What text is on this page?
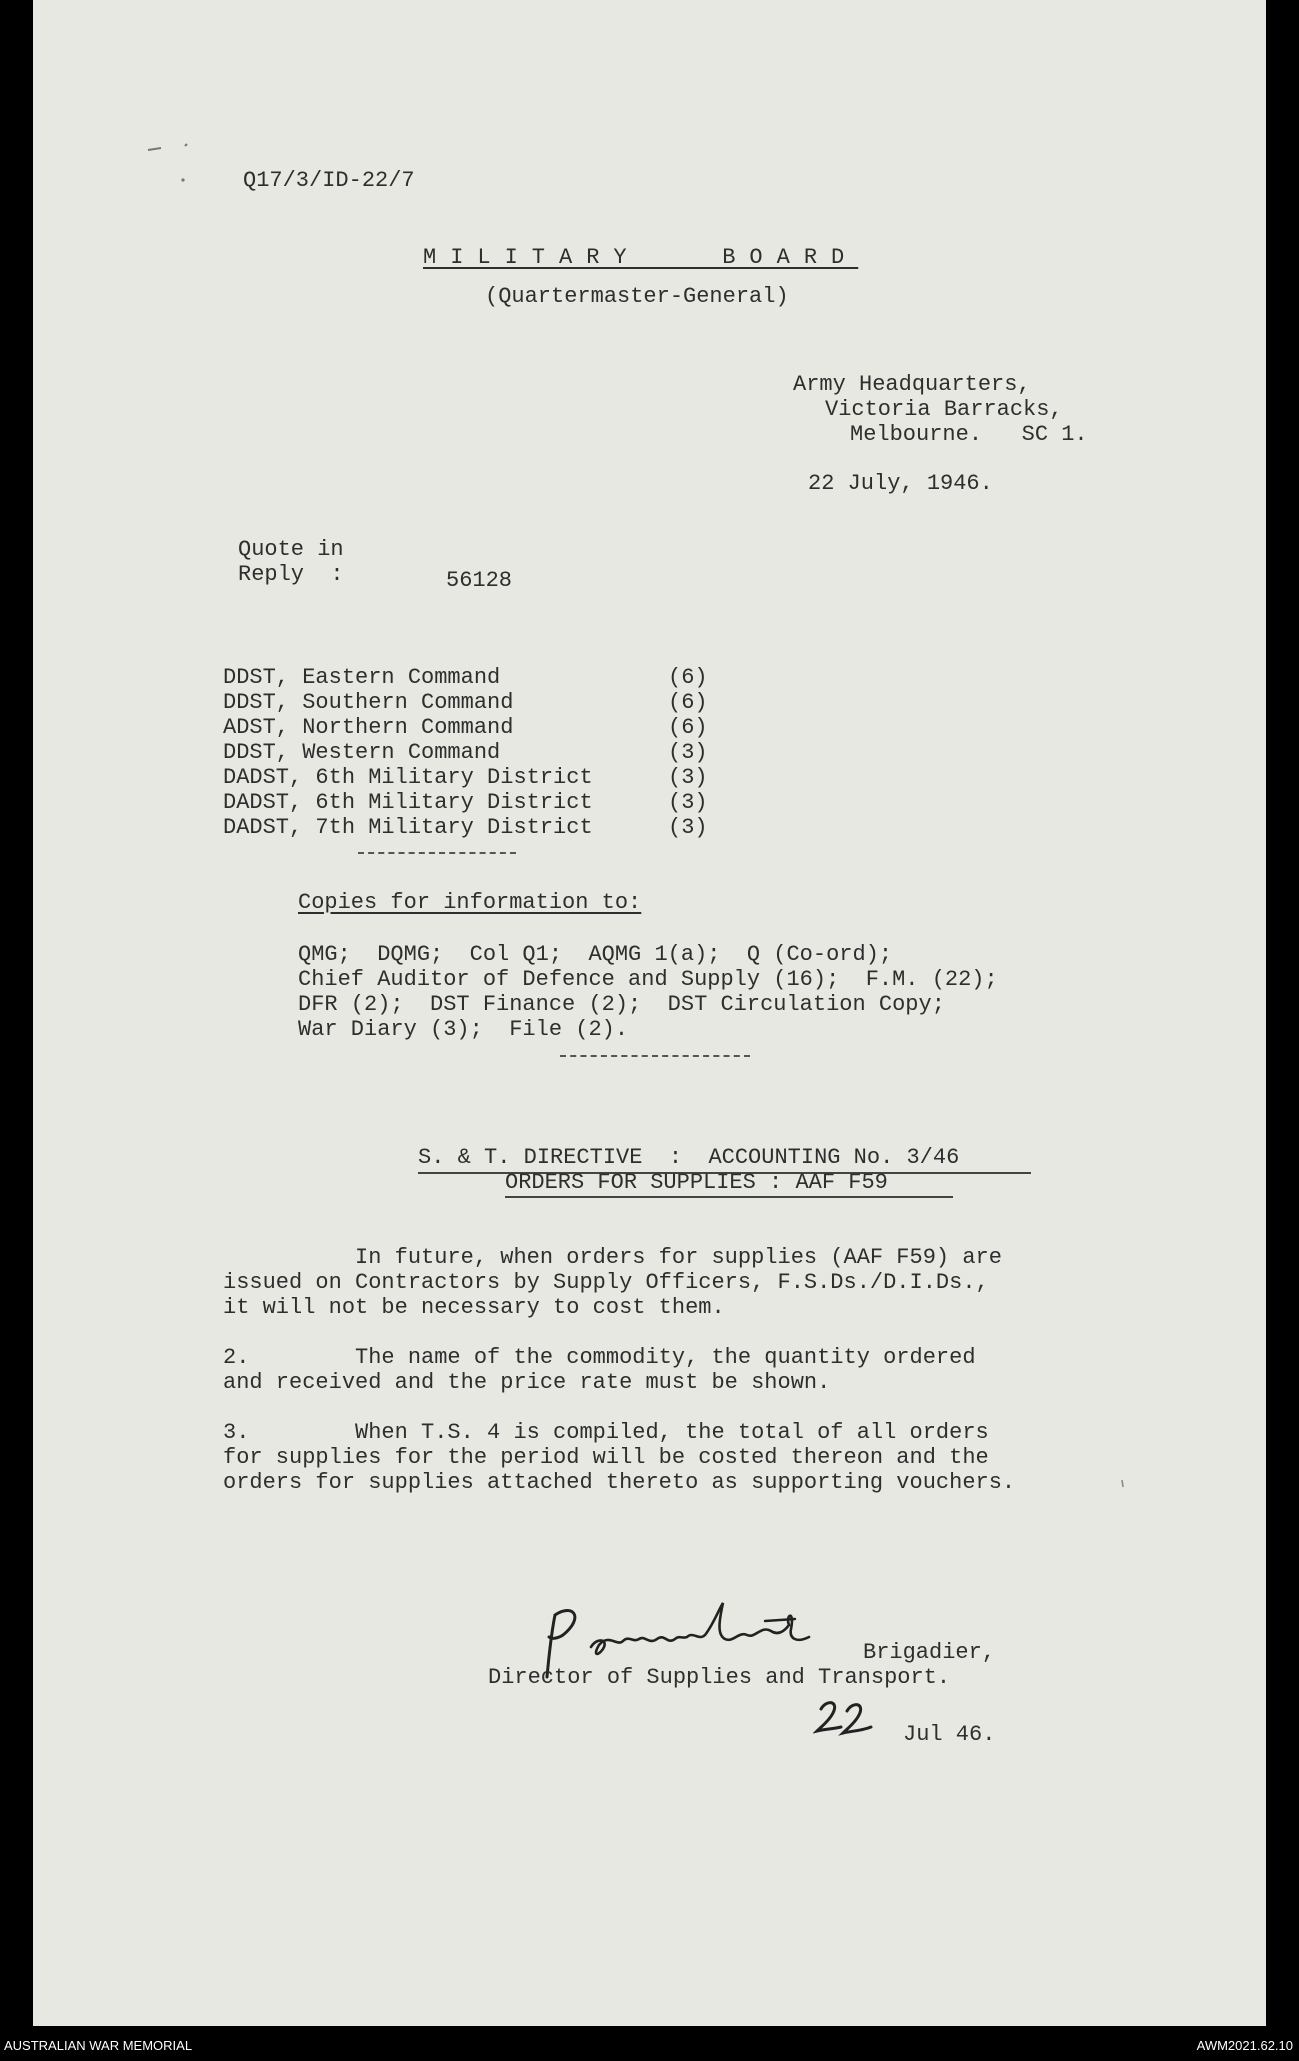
Q17/3/ID-22/7
MILITARY   BOARD
(Quartermaster-General)
Army Headquarters,
Victoria Barracks,
Melbourne.   SC 1.
22 July, 1946.
Quote in
Reply  :	56128
DDST, Eastern Command	(6)
DDST, Southern Command	(6)
ADST, Northern Command	(6)
DDST, Western Command	(3)
DADST, 6th Military District	(3)
DADST, 6th Military District	(3)
DADST, 7th Military District	(3)
Copies for information to:
QMG;  DQMG;  Col Q1;  AQMG 1(a);  Q (Co-ord);
Chief Auditor of Defence and Supply (16);  F.M. (22);
DFR (2);  DST Finance (2);  DST Circulation Copy;
War Diary (3);  File (2).
S. & T. DIRECTIVE  :  ACCOUNTING No. 3/46
ORDERS FOR SUPPLIES : AAF F59
In future, when orders for supplies (AAF F59) are
issued on Contractors by Supply Officers, F.S.Ds./D.I.Ds.,
it will not be necessary to cost them.
2.        The name of the commodity, the quantity ordered
and received and the price rate must be shown.
3.        When T.S. 4 is compiled, the total of all orders
for supplies for the period will be costed thereon and the
orders for supplies attached thereto as supporting vouchers.
Brigadier,
Director of Supplies and Transport.
Jul 46.
AUSTRALIAN WAR MEMORIAL	AWM2021.62.10
